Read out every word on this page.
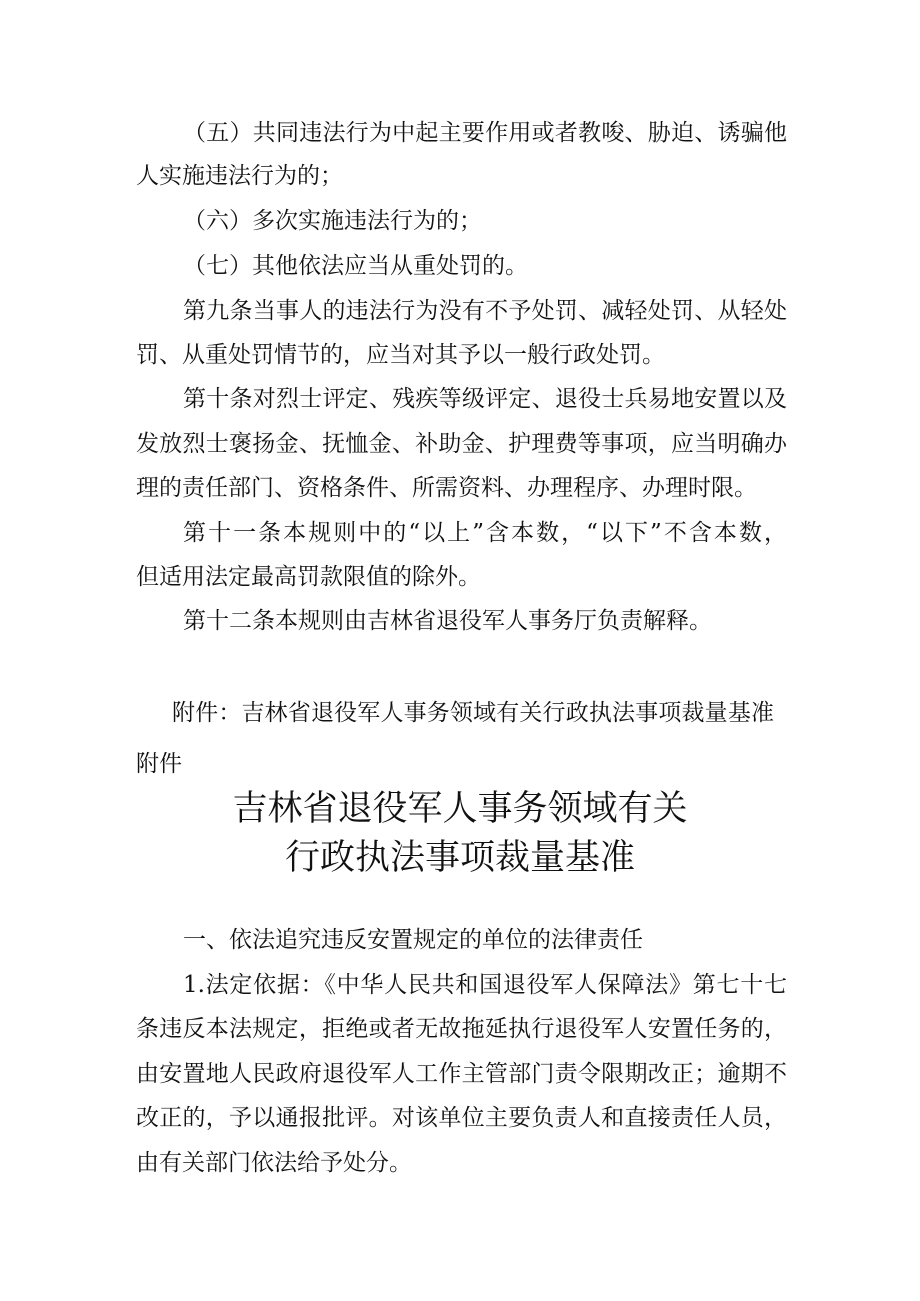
（五）共同违法行为中起主要作用或者教唆、胁迫、诱骗他

人实施违法行为的；

（六）多次实施违法行为的；

（七）其他依法应当从重处罚的。

第九条当事人的违法行为没有不予处罚、减轻处罚、从轻处

罚、从重处罚情节的，应当对其予以一般行政处罚。

第十条对烈士评定、残疾等级评定、退役士兵易地安置以及

发放烈士褒扬金、抚恤金、补助金、护理费等事项，应当明确办

理的责任部门、资格条件、所需资料、办理程序、办理时限。

第十一条本规则中的“以上”含本数，“以下”不含本数，

但适用法定最高罚款限值的除外。

第十二条本规则由吉林省退役军人事务厅负责解释。

附件：吉林省退役军人事务领域有关行政执法事项裁量基准

附件

吉林省退役军人事务领域有关
行政执法事项裁量基准

一、依法追究违反安置规定的单位的法律责任

1.法定依据：《中华人民共和国退役军人保障法》第七十七

条违反本法规定，拒绝或者无故拖延执行退役军人安置任务的，

由安置地人民政府退役军人工作主管部门责令限期改正；逾期不

改正的，予以通报批评。对该单位主要负责人和直接责任人员，

由有关部门依法给予处分。
